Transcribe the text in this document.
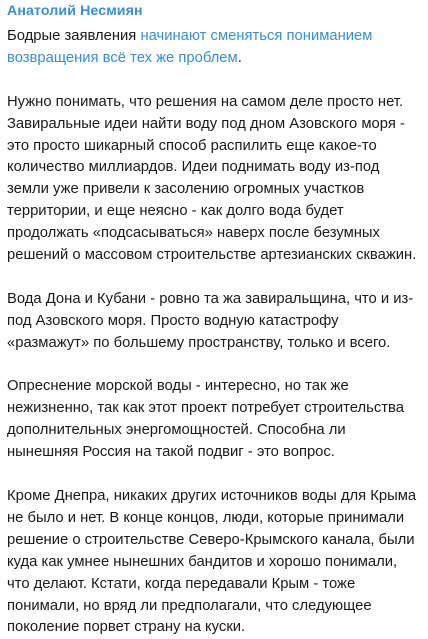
Анатолий Несмиян
Бодрые заявления начинают сменяться пониманием возвращения всё тех же проблем.
Нужно понимать, что решения на самом деле просто нет. Завиральные идеи найти воду под дном Азовского моря - это просто шикарный способ распилить еще какое-то количество миллиардов. Идеи поднимать воду из-под земли уже привели к засолению огромных участков территории, и еще неясно - как долго вода будет продолжать «подсасываться» наверх после безумных решений о массовом строительстве артезианских скважин.
Вода Дона и Кубани - ровно та жа завиральщина, что и из-под Азовского моря. Просто водную катастрофу «размажут» по большему пространству, только и всего.
Опреснение морской воды - интересно, но так же нежизненно, так как этот проект потребует строительства дополнительных энергомощностей. Способна ли нынешняя Россия на такой подвиг - это вопрос.
Кроме Днепра, никаких других источников воды для Крыма не было и нет. В конце концов, люди, которые принимали решение о строительстве Северо-Крымского канала, были куда как умнее нынешних бандитов и хорошо понимали, что делают. Кстати, когда передавали Крым - тоже понимали, но вряд ли предполагали, что следующее поколение порвет страну на куски.
